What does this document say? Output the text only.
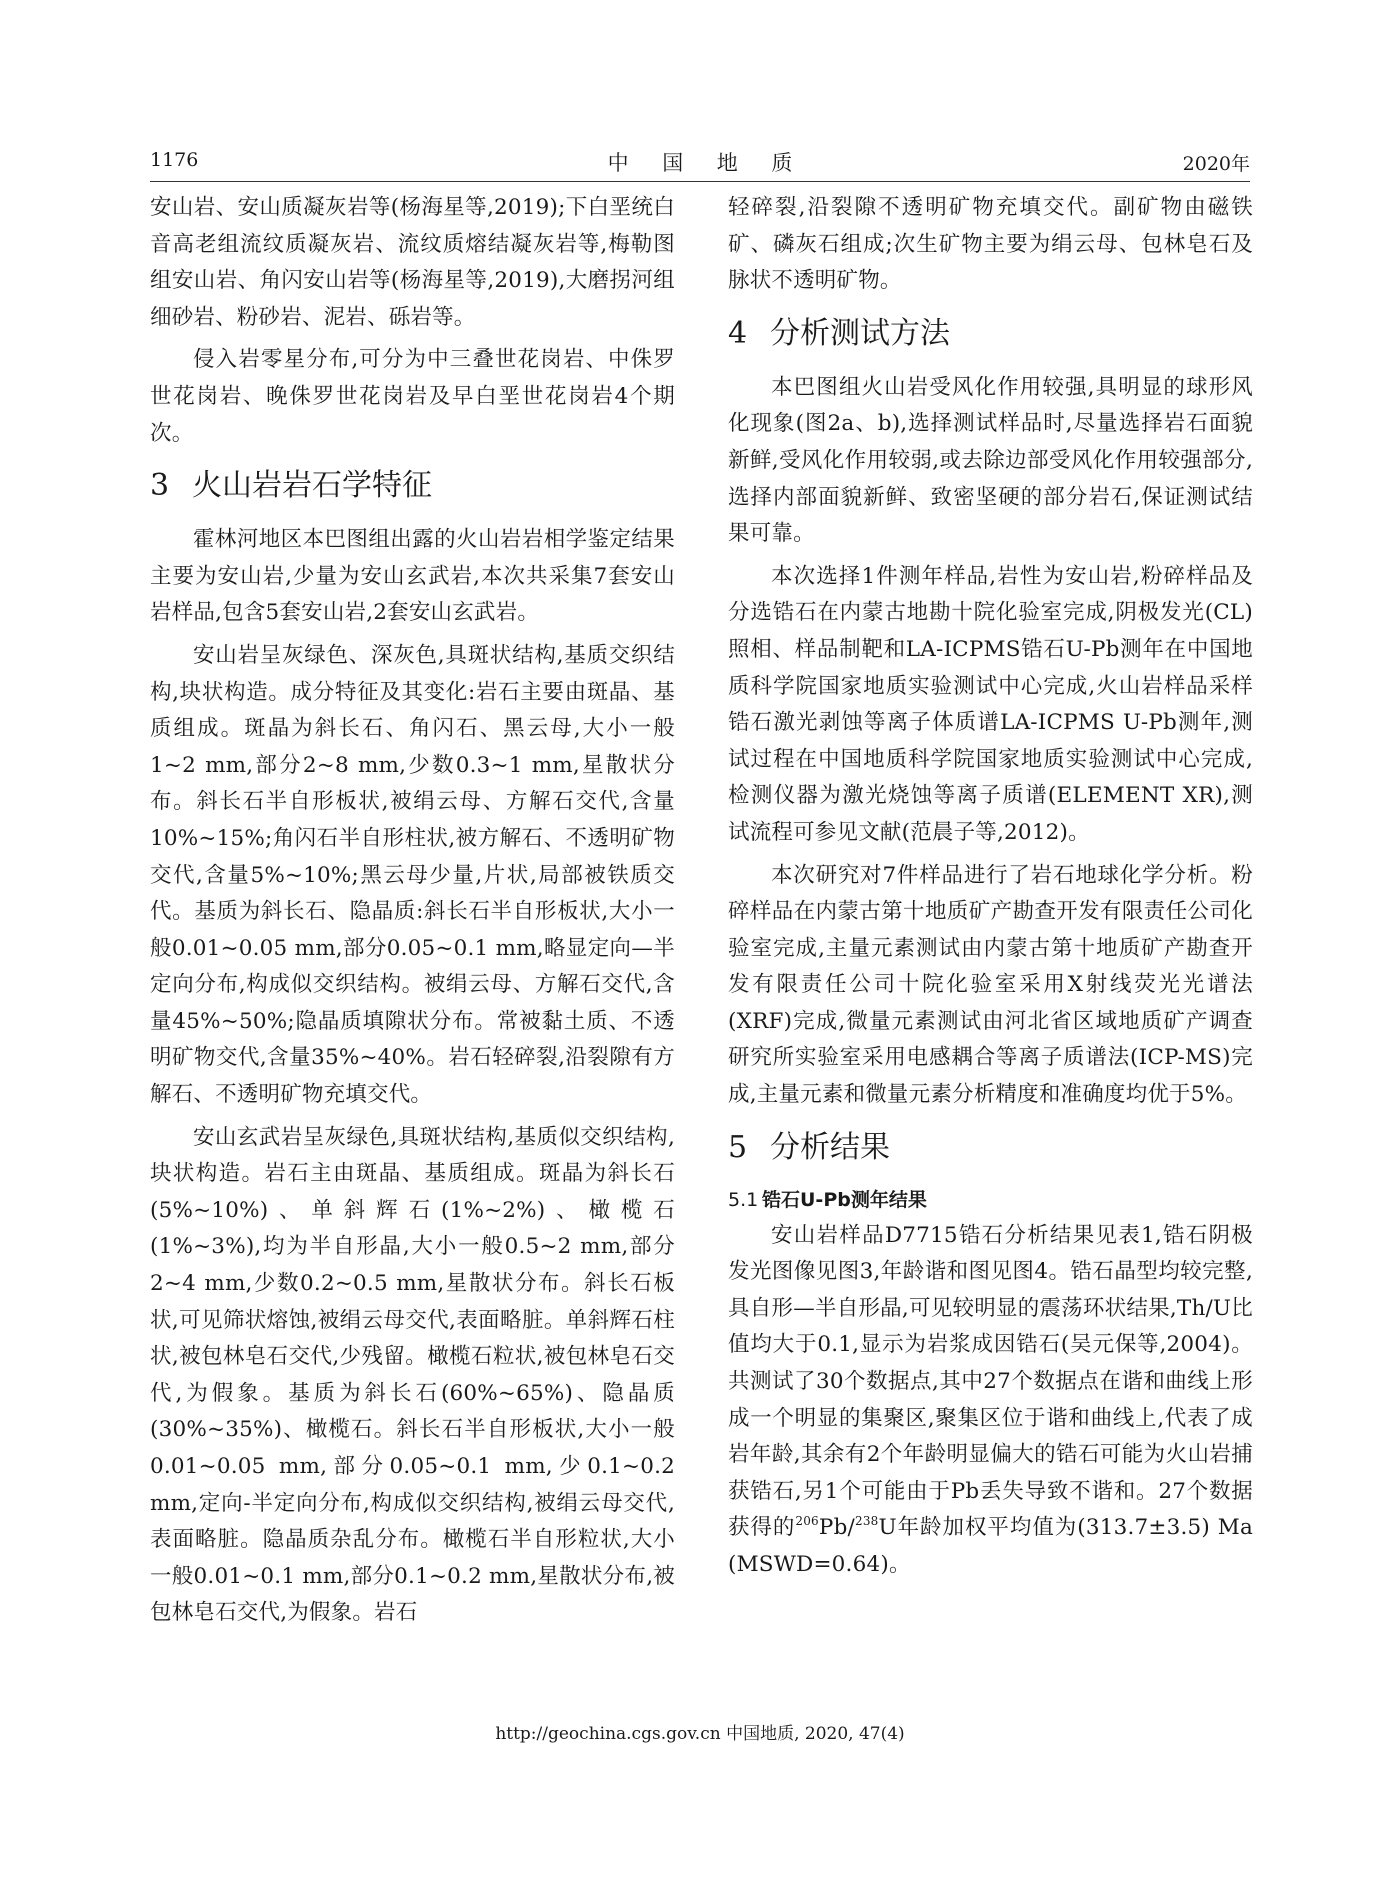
1176	中国地质	2020年

安山岩、安山质凝灰岩等(杨海星等,2019);下白垩统白音高老组流纹质凝灰岩、流纹质熔结凝灰岩等,梅勒图组安山岩、角闪安山岩等(杨海星等,2019),大磨拐河组细砂岩、粉砂岩、泥岩、砾岩等。

侵入岩零星分布,可分为中三叠世花岗岩、中侏罗世花岗岩、晚侏罗世花岗岩及早白垩世花岗岩4个期次。

3 火山岩岩石学特征

霍林河地区本巴图组出露的火山岩岩相学鉴定结果主要为安山岩,少量为安山玄武岩,本次共采集7套安山岩样品,包含5套安山岩,2套安山玄武岩。

安山岩呈灰绿色、深灰色,具斑状结构,基质交织结构,块状构造。成分特征及其变化:岩石主要由斑晶、基质组成。斑晶为斜长石、角闪石、黑云母,大小一般1~2 mm,部分2~8 mm,少数0.3~1 mm,星散状分布。斜长石半自形板状,被绢云母、方解石交代,含量10%~15%;角闪石半自形柱状,被方解石、不透明矿物交代,含量5%~10%;黑云母少量,片状,局部被铁质交代。基质为斜长石、隐晶质:斜长石半自形板状,大小一般0.01~0.05 mm,部分0.05~0.1 mm,略显定向—半定向分布,构成似交织结构。被绢云母、方解石交代,含量45%~50%;隐晶质填隙状分布。常被黏土质、不透明矿物交代,含量35%~40%。岩石轻碎裂,沿裂隙有方解石、不透明矿物充填交代。

安山玄武岩呈灰绿色,具斑状结构,基质似交织结构,块状构造。岩石主由斑晶、基质组成。斑晶为斜长石(5%~10%)、单斜辉石(1%~2%)、橄榄石(1%~3%),均为半自形晶,大小一般0.5~2 mm,部分2~4 mm,少数0.2~0.5 mm,星散状分布。斜长石板状,可见筛状熔蚀,被绢云母交代,表面略脏。单斜辉石柱状,被包林皂石交代,少残留。橄榄石粒状,被包林皂石交代,为假象。基质为斜长石(60%~65%)、隐晶质(30%~35%)、橄榄石。斜长石半自形板状,大小一般0.01~0.05 mm,部分0.05~0.1 mm,少0.1~0.2 mm,定向-半定向分布,构成似交织结构,被绢云母交代,表面略脏。隐晶质杂乱分布。橄榄石半自形粒状,大小一般0.01~0.1 mm,部分0.1~0.2 mm,星散状分布,被包林皂石交代,为假象。岩石

轻碎裂,沿裂隙不透明矿物充填交代。副矿物由磁铁矿、磷灰石组成;次生矿物主要为绢云母、包林皂石及脉状不透明矿物。

4 分析测试方法

本巴图组火山岩受风化作用较强,具明显的球形风化现象(图2a、b),选择测试样品时,尽量选择岩石面貌新鲜,受风化作用较弱,或去除边部受风化作用较强部分,选择内部面貌新鲜、致密坚硬的部分岩石,保证测试结果可靠。

本次选择1件测年样品,岩性为安山岩,粉碎样品及分选锆石在内蒙古地勘十院化验室完成,阴极发光(CL)照相、样品制靶和LA-ICPMS锆石U-Pb测年在中国地质科学院国家地质实验测试中心完成,火山岩样品采样锆石激光剥蚀等离子体质谱LA-ICPMS U-Pb测年,测试过程在中国地质科学院国家地质实验测试中心完成,检测仪器为激光烧蚀等离子质谱(ELEMENT XR),测试流程可参见文献(范晨子等,2012)。

本次研究对7件样品进行了岩石地球化学分析。粉碎样品在内蒙古第十地质矿产勘查开发有限责任公司化验室完成,主量元素测试由内蒙古第十地质矿产勘查开发有限责任公司十院化验室采用X射线荧光光谱法(XRF)完成,微量元素测试由河北省区域地质矿产调查研究所实验室采用电感耦合等离子质谱法(ICP-MS)完成,主量元素和微量元素分析精度和准确度均优于5%。

5 分析结果
5.1 锆石U-Pb测年结果

安山岩样品D7715锆石分析结果见表1,锆石阴极发光图像见图3,年龄谐和图见图4。锆石晶型均较完整,具自形—半自形晶,可见较明显的震荡环状结果,Th/U比值均大于0.1,显示为岩浆成因锆石(吴元保等,2004)。共测试了30个数据点,其中27个数据点在谐和曲线上形成一个明显的集聚区,聚集区位于谐和曲线上,代表了成岩年龄,其余有2个年龄明显偏大的锆石可能为火山岩捕获锆石,另1个可能由于Pb丢失导致不谐和。27个数据获得的$^{206}$Pb/$^{238}$U年龄加权平均值为(313.7±3.5) Ma (MSWD=0.64)。

http://geochina.cgs.gov.cn 中国地质, 2020, 47(4)
